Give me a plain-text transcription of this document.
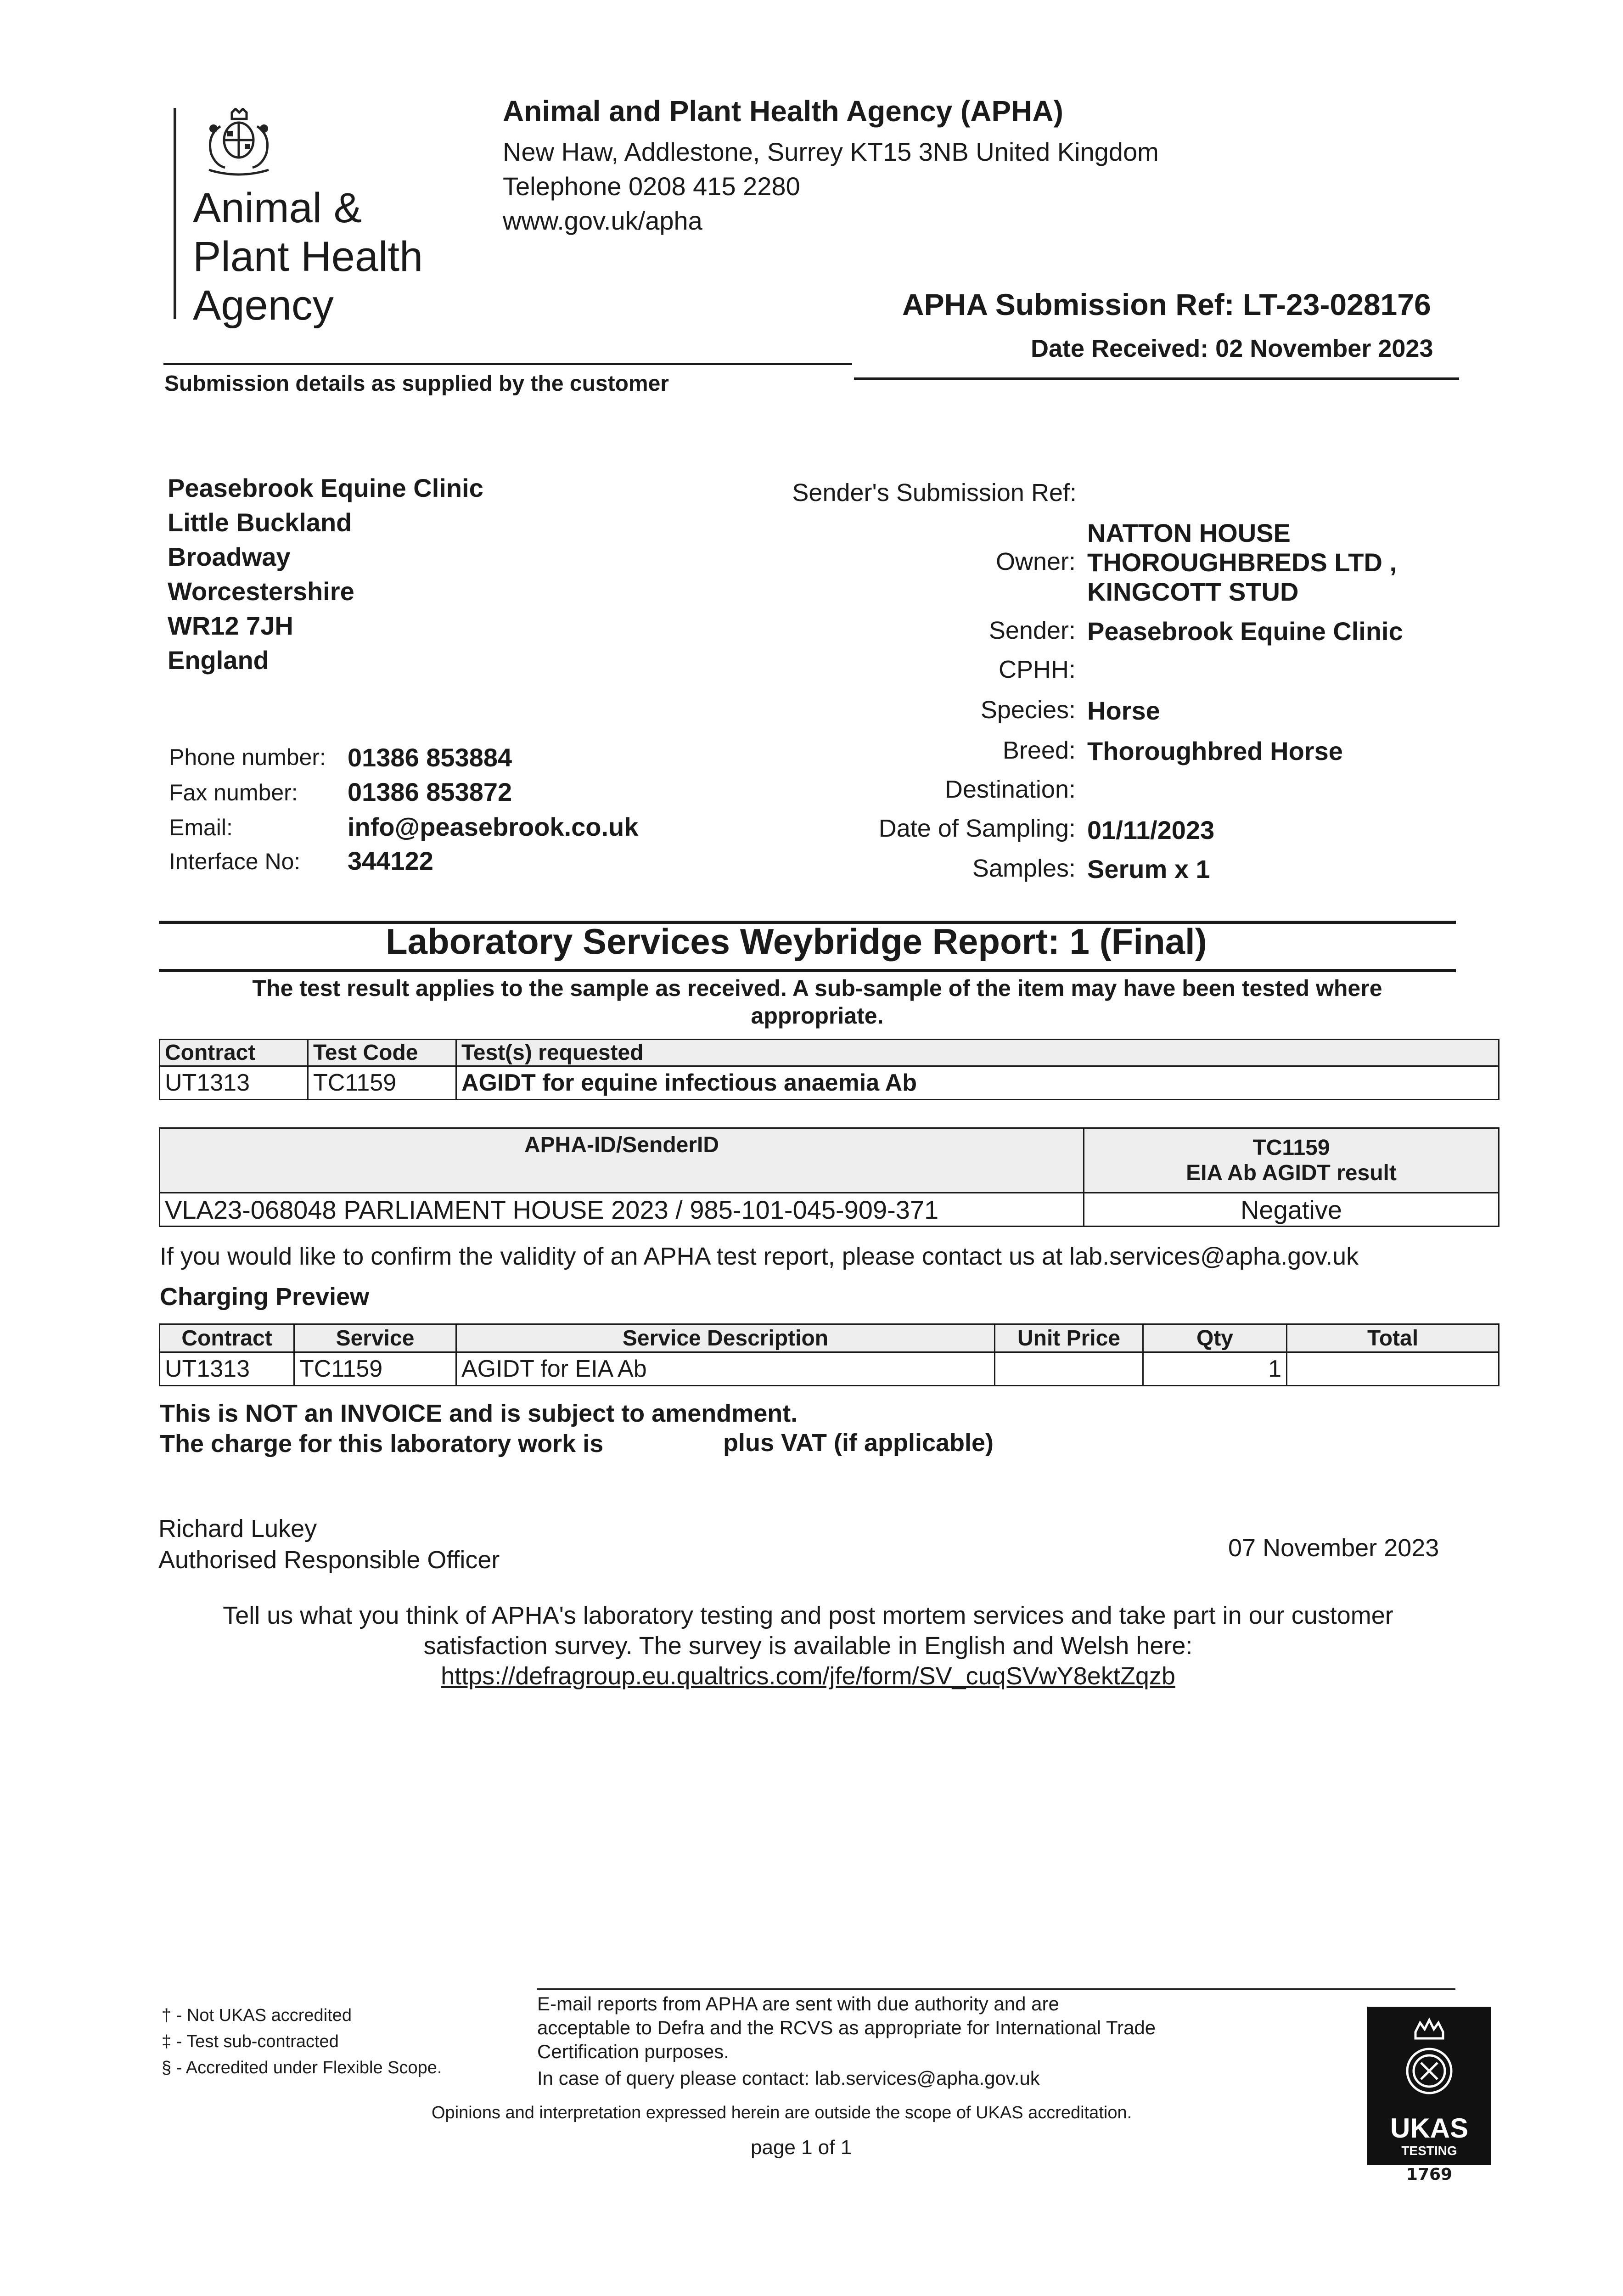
Animal &
Plant Health
Agency
Animal and Plant Health Agency (APHA)
New Haw, Addlestone, Surrey KT15 3NB United Kingdom
Telephone 0208 415 2280
www.gov.uk/apha
APHA Submission Ref: LT-23-028176
Date Received: 02 November 2023
Submission details as supplied by the customer
Peasebrook Equine Clinic
Little Buckland
Broadway
Worcestershire
WR12 7JH
England
Phone number: 01386 853884
Fax number: 01386 853872
Email:	info@peasebrook.co.uk
Interface No: 344122
Sender's Submission Ref:
NATTON HOUSE
Owner: THOROUGHBREDS LTD ,
KINGCOTT STUD
Sender: Peasebrook Equine Clinic
CPHH:
Species: Horse
Breed: Thoroughbred Horse
Destination:
Date of Sampling: 01/11/2023
Samples: Serum x 1
Laboratory Services Weybridge Report: 1 (Final)
The test result applies to the sample as received. A sub-sample of the item may have been tested where appropriate.
Contract	Test Code	Test(s) requested
UT1313	TC1159	AGIDT for equine infectious anaemia Ab
APHA-ID/SenderID	TC1159
EIA Ab AGIDT result

VLA23-068048 PARLIAMENT HOUSE 2023 / 985-101-045-909-371	Negative
If you would like to confirm the validity of an APHA test report, please contact us at lab.services@apha.gov.uk
Charging Preview
Contract	Service	Service Description	Unit Price	Qty	Total
UT1313	TC1159	AGIDT for EIA Ab		1	
This is NOT an INVOICE and is subject to amendment.
The charge for this laboratory work is	plus VAT (if applicable)
Richard Lukey
Authorised Responsible Officer	07 November 2023
Tell us what you think of APHA's laboratory testing and post mortem services and take part in our customer
satisfaction survey. The survey is available in English and Welsh here:
https://defragroup.eu.qualtrics.com/jfe/form/SV_cuqSVwY8ektZqzb
† - Not UKAS accredited
‡ - Test sub-contracted
§ - Accredited under Flexible Scope.
E-mail reports from APHA are sent with due authority and are
acceptable to Defra and the RCVS as appropriate for International Trade
Certification purposes.
In case of query please contact: lab.services@apha.gov.uk
Opinions and interpretation expressed herein are outside the scope of UKAS accreditation.
page 1 of 1
UKAS
TESTING
1769
